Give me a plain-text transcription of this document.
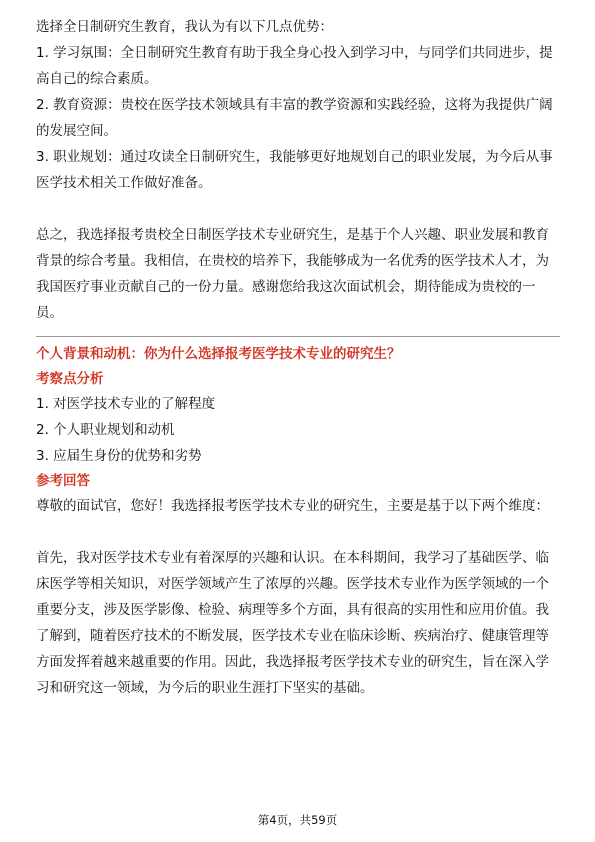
选择全日制研究生教育，我认为有以下几点优势：

1. 学习氛围：全日制研究生教育有助于我全身心投入到学习中，与同学们共同进步，提高自己的综合素质。

2. 教育资源：贵校在医学技术领域具有丰富的教学资源和实践经验，这将为我提供广阔的发展空间。

3. 职业规划：通过攻读全日制研究生，我能够更好地规划自己的职业发展，为今后从事医学技术相关工作做好准备。

总之，我选择报考贵校全日制医学技术专业研究生，是基于个人兴趣、职业发展和教育背景的综合考量。我相信，在贵校的培养下，我能够成为一名优秀的医学技术人才，为我国医疗事业贡献自己的一份力量。感谢您给我这次面试机会，期待能成为贵校的一员。

个人背景和动机：你为什么选择报考医学技术专业的研究生？

考察点分析

1. 对医学技术专业的了解程度

2. 个人职业规划和动机

3. 应届生身份的优势和劣势

参考回答

尊敬的面试官，您好！我选择报考医学技术专业的研究生，主要是基于以下两个维度：

首先，我对医学技术专业有着深厚的兴趣和认识。在本科期间，我学习了基础医学、临床医学等相关知识，对医学领域产生了浓厚的兴趣。医学技术专业作为医学领域的一个重要分支，涉及医学影像、检验、病理等多个方面，具有很高的实用性和应用价值。我了解到，随着医疗技术的不断发展，医学技术专业在临床诊断、疾病治疗、健康管理等方面发挥着越来越重要的作用。因此，我选择报考医学技术专业的研究生，旨在深入学习和研究这一领域，为今后的职业生涯打下坚实的基础。

第4页，共59页
